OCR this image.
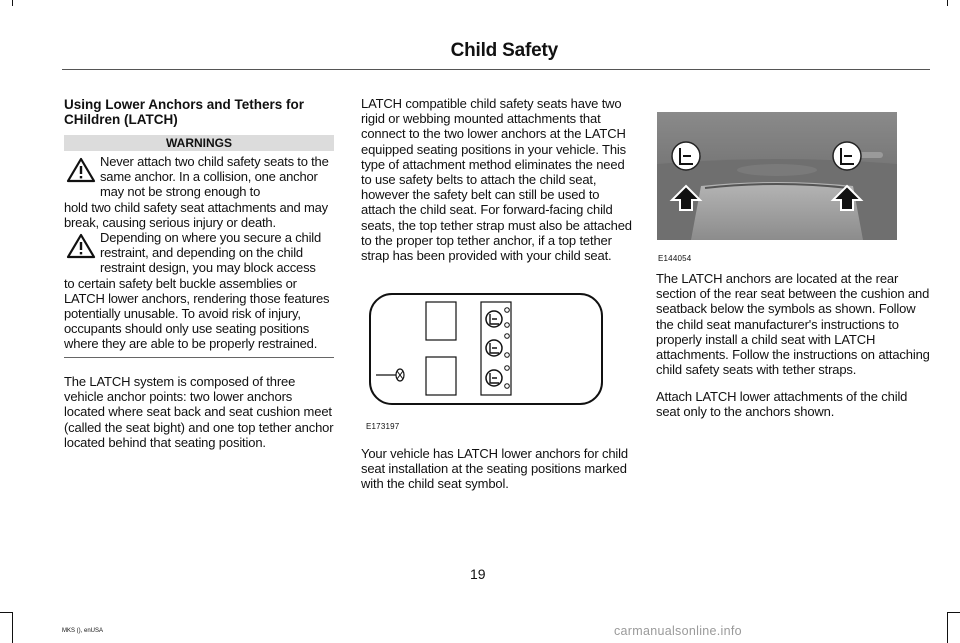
Child Safety
Using Lower Anchors and Tethers for CHildren (LATCH)
WARNINGS
Never attach two child safety seats to the same anchor. In a collision, one anchor may not be strong enough to
hold two child safety seat attachments and may break, causing serious injury or death.
Depending on where you secure a child restraint, and depending on the child restraint design, you may block access
to certain safety belt buckle assemblies or LATCH lower anchors, rendering those features potentially unusable. To avoid risk of injury, occupants should only use seating positions where they are able to be properly restrained.
The LATCH system is composed of three vehicle anchor points: two lower anchors located where seat back and seat cushion meet (called the seat bight) and one top tether anchor located behind that seating position.
LATCH compatible child safety seats have two rigid or webbing mounted attachments that connect to the two lower anchors at the LATCH equipped seating positions in your vehicle. This type of attachment method eliminates the need to use safety belts to attach the child seat, however the safety belt can still be used to attach the child seat. For forward-facing child seats, the top tether strap must also be attached to the proper top tether anchor, if a top tether strap has been provided with your child seat.
E173197
Your vehicle has LATCH lower anchors for child seat installation at the seating positions marked with the child seat symbol.
E144054
The LATCH anchors are located at the rear section of the rear seat between the cushion and seatback below the symbols as shown. Follow the child seat manufacturer's instructions to properly install a child seat with LATCH attachments. Follow the instructions on attaching child safety seats with tether straps.
Attach LATCH lower attachments of the child seat only to the anchors shown.
19
MKS (), enUSA	carmanualsonline.info
